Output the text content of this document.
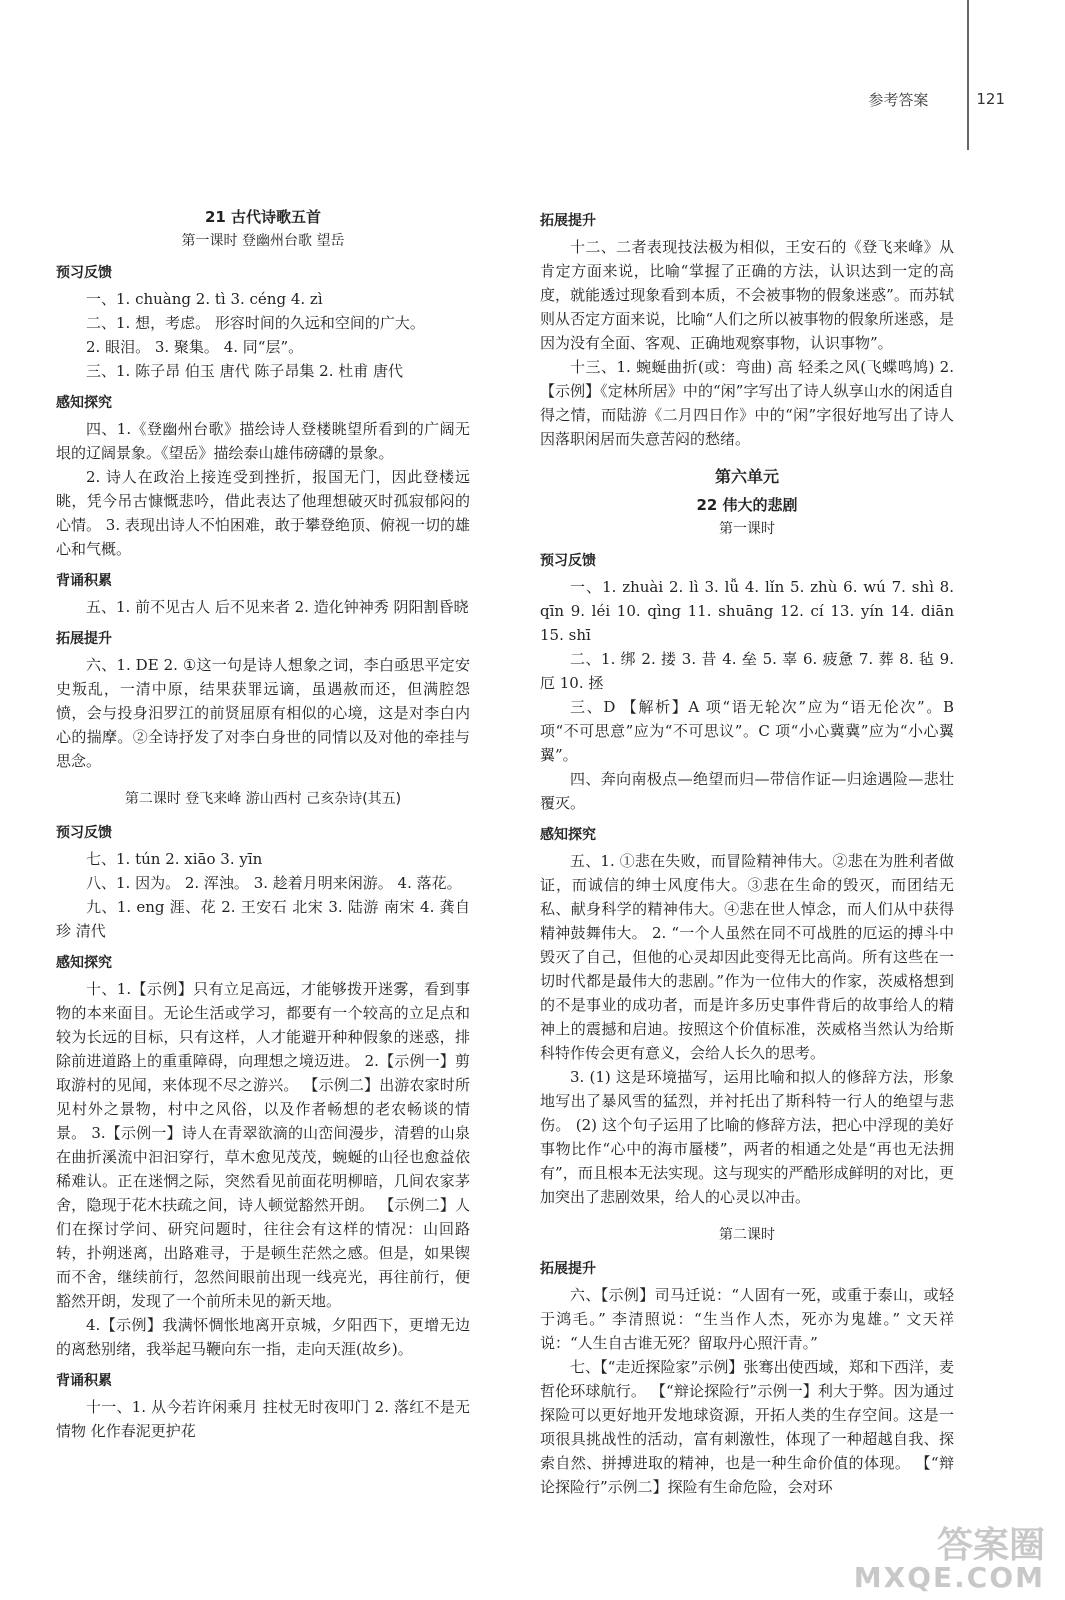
参考答案	121

21 古代诗歌五首

第一课时 登幽州台歌 望岳

预习反馈

一、1. chuàng 2. tì 3. céng 4. zì

二、1. 想，考虑。 形容时间的久远和空间的广大。

2. 眼泪。 3. 聚集。 4. 同“层”。

三、1. 陈子昂 伯玉 唐代 陈子昂集 2. 杜甫 唐代

感知探究

四、1.《登幽州台歌》描绘诗人登楼眺望所看到的广阔无垠的辽阔景象。《望岳》描绘泰山雄伟磅礴的景象。

2. 诗人在政治上接连受到挫折，报国无门，因此登楼远眺，凭今吊古慷慨悲吟，借此表达了他理想破灭时孤寂郁闷的心情。 3. 表现出诗人不怕困难，敢于攀登绝顶、俯视一切的雄心和气概。

背诵积累

五、1. 前不见古人 后不见来者 2. 造化钟神秀 阴阳割昏晓

拓展提升

六、1. DE 2. ①这一句是诗人想象之词，李白亟思平定安史叛乱，一清中原，结果获罪远谪，虽遇赦而还，但满腔怨愤，会与投身汨罗江的前贤屈原有相似的心境，这是对李白内心的揣摩。②全诗抒发了对李白身世的同情以及对他的牵挂与思念。

第二课时 登飞来峰 游山西村 己亥杂诗(其五)

预习反馈

七、1. tún 2. xiāo 3. yīn

八、1. 因为。 2. 浑浊。 3. 趁着月明来闲游。 4. 落花。

九、1. eng 涯、花 2. 王安石 北宋 3. 陆游 南宋 4. 龚自珍 清代

感知探究

十、1.【示例】只有立足高远，才能够拨开迷雾，看到事物的本来面目。无论生活或学习，都要有一个较高的立足点和较为长远的目标，只有这样，人才能避开种种假象的迷惑，排除前进道路上的重重障碍，向理想之境迈进。 2.【示例一】剪取游村的见闻，来体现不尽之游兴。 【示例二】出游农家时所见村外之景物，村中之风俗，以及作者畅想的老农畅谈的情景。 3.【示例一】诗人在青翠欲滴的山峦间漫步，清碧的山泉在曲折溪流中汩汩穿行，草木愈见茂茂，蜿蜒的山径也愈益依稀难认。正在迷惘之际，突然看见前面花明柳暗，几间农家茅舍，隐现于花木扶疏之间，诗人顿觉豁然开朗。 【示例二】人们在探讨学问、研究问题时，往往会有这样的情况：山回路转，扑朔迷离，出路难寻，于是顿生茫然之感。但是，如果锲而不舍，继续前行，忽然间眼前出现一线亮光，再往前行，便豁然开朗，发现了一个前所未见的新天地。

4.【示例】我满怀惆怅地离开京城，夕阳西下，更增无边的离愁别绪，我举起马鞭向东一指，走向天涯(故乡)。

背诵积累

十一、1. 从今若许闲乘月 拄杖无时夜叩门 2. 落红不是无情物 化作春泥更护花

拓展提升

十二、二者表现技法极为相似，王安石的《登飞来峰》从肯定方面来说，比喻“掌握了正确的方法，认识达到一定的高度，就能透过现象看到本质，不会被事物的假象迷惑”。而苏轼则从否定方面来说，比喻“人们之所以被事物的假象所迷惑，是因为没有全面、客观、正确地观察事物，认识事物”。

十三、1. 蜿蜒曲折(或：弯曲) 高 轻柔之风(飞蝶鸣鸠) 2.【示例】《定林所居》中的“闲”字写出了诗人纵享山水的闲适自得之情，而陆游《二月四日作》中的“闲”字很好地写出了诗人因落职闲居而失意苦闷的愁绪。

第六单元

22 伟大的悲剧

第一课时

预习反馈

一、1. zhuài 2. lì 3. lǚ 4. lǐn 5. zhù 6. wú 7. shì 8. qīn 9. léi 10. qìng 11. shuāng 12. cí 13. yín 14. diān 15. shī

二、1. 绑 2. 搂 3. 昔 4. 垒 5. 辜 6. 疲惫 7. 葬 8. 毡 9. 厄 10. 拯

三、D 【解析】A 项“语无轮次”应为“语无伦次”。B 项“不可思意”应为“不可思议”。C 项“小心冀冀”应为“小心翼翼”。

四、奔向南极点—绝望而归—带信作证—归途遇险—悲壮覆灭。

感知探究

五、1. ①悲在失败，而冒险精神伟大。②悲在为胜利者做证，而诚信的绅士风度伟大。③悲在生命的毁灭，而团结无私、献身科学的精神伟大。④悲在世人悼念，而人们从中获得精神鼓舞伟大。 2. “一个人虽然在同不可战胜的厄运的搏斗中毁灭了自己，但他的心灵却因此变得无比高尚。所有这些在一切时代都是最伟大的悲剧。”作为一位伟大的作家，茨威格想到的不是事业的成功者，而是许多历史事件背后的故事给人的精神上的震撼和启迪。按照这个价值标准，茨威格当然认为给斯科特作传会更有意义，会给人长久的思考。

3. (1) 这是环境描写，运用比喻和拟人的修辞方法，形象地写出了暴风雪的猛烈，并衬托出了斯科特一行人的绝望与悲伤。 (2) 这个句子运用了比喻的修辞方法，把心中浮现的美好事物比作“心中的海市蜃楼”，两者的相通之处是“再也无法拥有”，而且根本无法实现。这与现实的严酷形成鲜明的对比，更加突出了悲剧效果，给人的心灵以冲击。

第二课时

拓展提升

六、【示例】司马迁说：“人固有一死，或重于泰山，或轻于鸿毛。” 李清照说：“生当作人杰，死亦为鬼雄。” 文天祥说：“人生自古谁无死？留取丹心照汗青。”

七、【“走近探险家”示例】张骞出使西域，郑和下西洋，麦哲伦环球航行。 【“辩论探险行”示例一】利大于弊。因为通过探险可以更好地开发地球资源，开拓人类的生存空间。这是一项很具挑战性的活动，富有刺激性，体现了一种超越自我、探索自然、拼搏进取的精神，也是一种生命价值的体现。 【“辩论探险行”示例二】探险有生命危险，会对环

答案圈
MXQE.COM
